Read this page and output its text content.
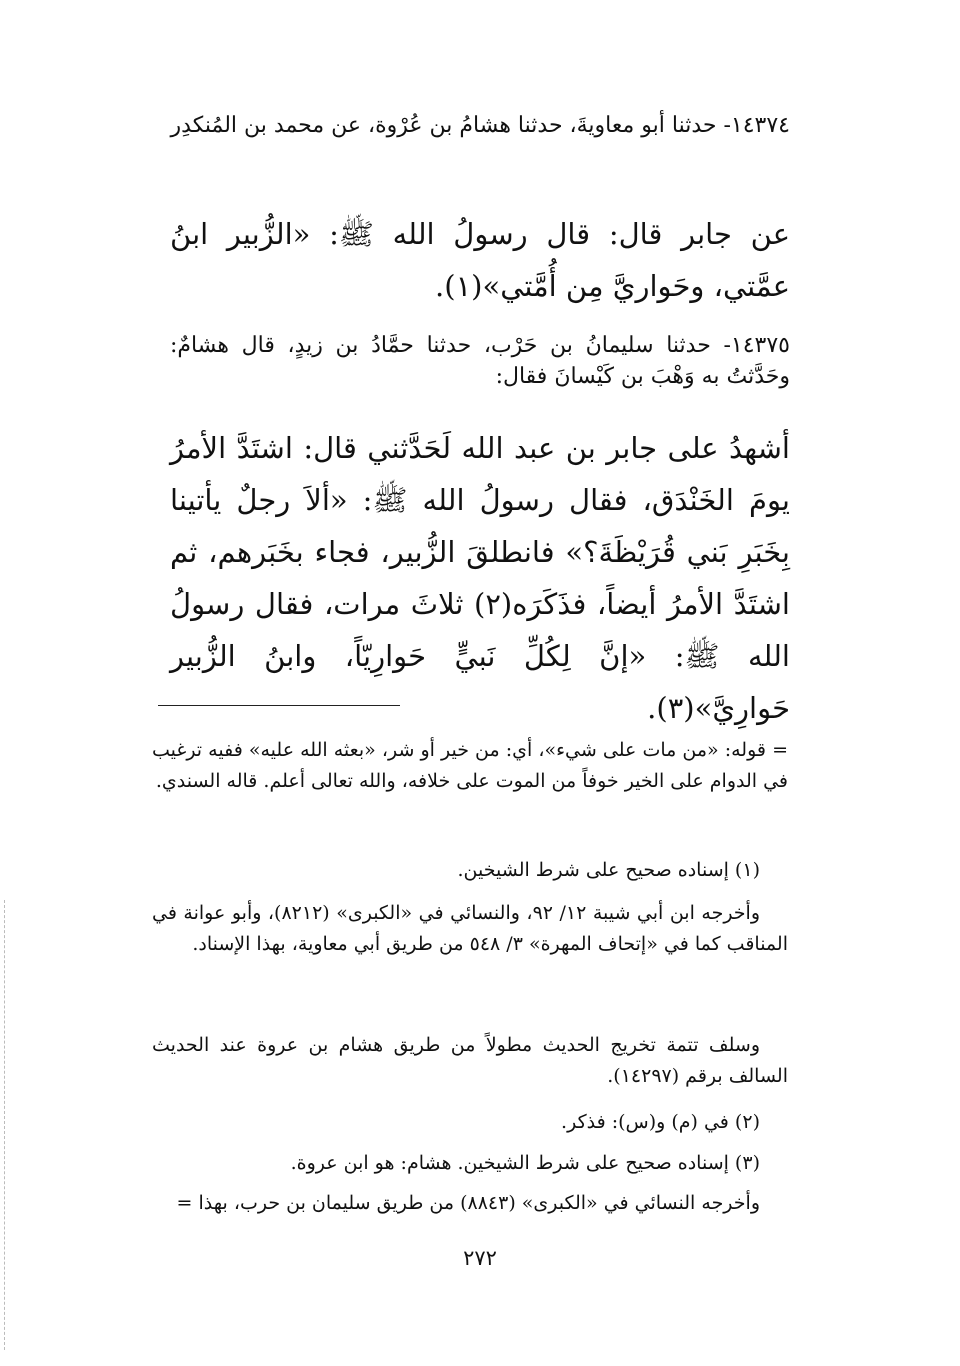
١٤٣٧٤- حدثنا أبو معاويةَ، حدثنا هشامُ بن عُرْوة، عن محمد بن المُنكدِر
عن جابر قال: قال رسولُ الله ﷺ: «الزُّبير ابنُ عمَّتي، وحَواريَّ مِن أُمَّتي»(١).
١٤٣٧٥- حدثنا سليمانُ بن حَرْب، حدثنا حمَّادُ بن زيدٍ، قال هشامٌ: وحَدَّثتُ به وَهْبَ بن كَيْسانَ فقال:
أشهدُ على جابر بن عبد الله لَحَدَّثني قال: اشتَدَّ الأمرُ يومَ الخَنْدَق، فقال رسولُ الله ﷺ: «ألاَ رجلٌ يأتينا بِخَبَرِ بَني قُرَيْظَةَ؟» فانطلقَ الزُّبير، فجاء بخَبَرهم، ثم اشتَدَّ الأمرُ أيضاً، فذَكَرَه(٢) ثلاثَ مرات، فقال رسولُ الله ﷺ: «إنَّ لِكُلِّ نَبيٍّ حَوارِيّاً، وابنُ الزُّبير حَوارِيَّ»(٣).
= قوله: «من مات على شيء»، أي: من خير أو شر، «بعثه الله عليه» ففيه ترغيب في الدوام على الخير خوفاً من الموت على خلافه، والله تعالى أعلم. قاله السندي.
(١) إسناده صحيح على شرط الشيخين.
وأخرجه ابن أبي شيبة ١٢/ ٩٢، والنسائي في «الكبرى» (٨٢١٢)، وأبو عوانة في المناقب كما في «إتحاف المهرة» ٣/ ٥٤٨ من طريق أبي معاوية، بهذا الإسناد.
وسلف تتمة تخريج الحديث مطولاً من طريق هشام بن عروة عند الحديث السالف برقم (١٤٢٩٧).
(٢) في (م) و(س): فذكر.
(٣) إسناده صحيح على شرط الشيخين. هشام: هو ابن عروة.
وأخرجه النسائي في «الكبرى» (٨٨٤٣) من طريق سليمان بن حرب، بهذا =
٢٧٢
